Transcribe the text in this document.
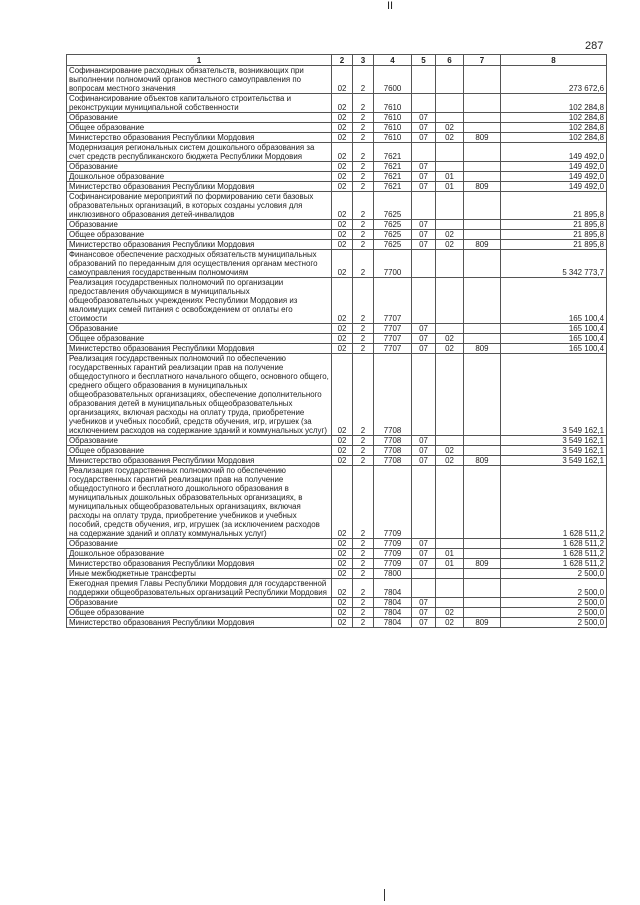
II
287
1	2	3	4	5	6	7	8
Софинансирование расходных обязательств, возникающих при выполнении полномочий органов местного самоуправления по вопросам местного значения	02	2	7600				273 672,6
Софинансирование объектов капитального строительства и реконструкции муниципальной собственности	02	2	7610				102 284,8
Образование	02	2	7610	07			102 284,8
Общее образование	02	2	7610	07	02		102 284,8
Министерство образования Республики Мордовия	02	2	7610	07	02	809	102 284,8
Модернизация региональных систем дошкольного образования за счет средств республиканского бюджета Республики Мордовия	02	2	7621				149 492,0
Образование	02	2	7621	07			149 492,0
Дошкольное образование	02	2	7621	07	01		149 492,0
Министерство образования Республики Мордовия	02	2	7621	07	01	809	149 492,0
Софинансирование мероприятий по формированию сети базовых образовательных организаций, в которых созданы условия для инклюзивного образования детей-инвалидов	02	2	7625				21 895,8
Образование	02	2	7625	07			21 895,8
Общее образование	02	2	7625	07	02		21 895,8
Министерство образования Республики Мордовия	02	2	7625	07	02	809	21 895,8
Финансовое обеспечение расходных обязательств муниципальных образований по переданным для осуществления органам местного самоуправления государственным полномочиям	02	2	7700				5 342 773,7
Реализация государственных полномочий по организации предоставления обучающимся в муниципальных общеобразовательных учреждениях Республики Мордовия из малоимущих семей питания с освобождением от оплаты его стоимости	02	2	7707				165 100,4
Образование	02	2	7707	07			165 100,4
Общее образование	02	2	7707	07	02		165 100,4
Министерство образования Республики Мордовия	02	2	7707	07	02	809	165 100,4
Реализация государственных полномочий по обеспечению государственных гарантий реализации прав на получение общедоступного и бесплатного начального общего, основного общего, среднего общего образования в муниципальных общеобразовательных организациях, обеспечение дополнительного образования детей в муниципальных общеобразовательных организациях, включая расходы на оплату труда, приобретение учебников и учебных пособий, средств обучения, игр, игрушек (за исключением расходов на содержание зданий и коммунальных услуг)	02	2	7708				3 549 162,1
Образование	02	2	7708	07			3 549 162,1
Общее образование	02	2	7708	07	02		3 549 162,1
Министерство образования Республики Мордовия	02	2	7708	07	02	809	3 549 162,1
Реализация государственных полномочий по обеспечению государственных гарантий реализации прав на получение общедоступного и бесплатного дошкольного образования в муниципальных дошкольных образовательных организациях, в муниципальных общеобразовательных организациях, включая расходы на оплату труда, приобретение учебников и учебных пособий, средств обучения, игр, игрушек (за исключением расходов на содержание зданий и оплату коммунальных услуг)	02	2	7709				1 628 511,2
Образование	02	2	7709	07			1 628 511,2
Дошкольное образование	02	2	7709	07	01		1 628 511,2
Министерство образования Республики Мордовия	02	2	7709	07	01	809	1 628 511,2
Иные межбюджетные трансферты	02	2	7800				2 500,0
Ежегодная премия Главы Республики Мордовия для государственной поддержки общеобразовательных организаций Республики Мордовия	02	2	7804				2 500,0
Образование	02	2	7804	07			2 500,0
Общее образование	02	2	7804	07	02		2 500,0
Министерство образования Республики Мордовия	02	2	7804	07	02	809	2 500,0
